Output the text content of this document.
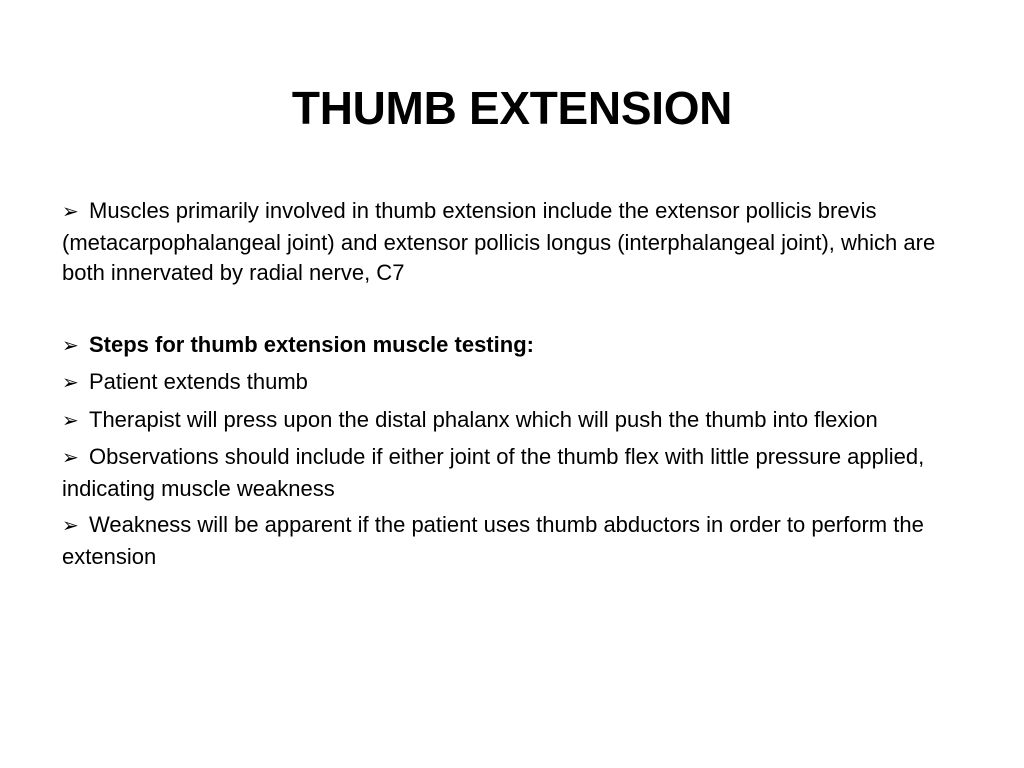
THUMB EXTENSION

➢ Muscles primarily involved in thumb extension include the extensor pollicis brevis (metacarpophalangeal joint) and extensor pollicis longus (interphalangeal joint), which are both innervated by radial nerve, C7

➢ Steps for thumb extension muscle testing:

➢ Patient extends thumb

➢ Therapist will press upon the distal phalanx which will push the thumb into flexion

➢ Observations should include if either joint of the thumb flex with little pressure applied, indicating muscle weakness

➢ Weakness will be apparent if the patient uses thumb abductors in order to perform the extension
